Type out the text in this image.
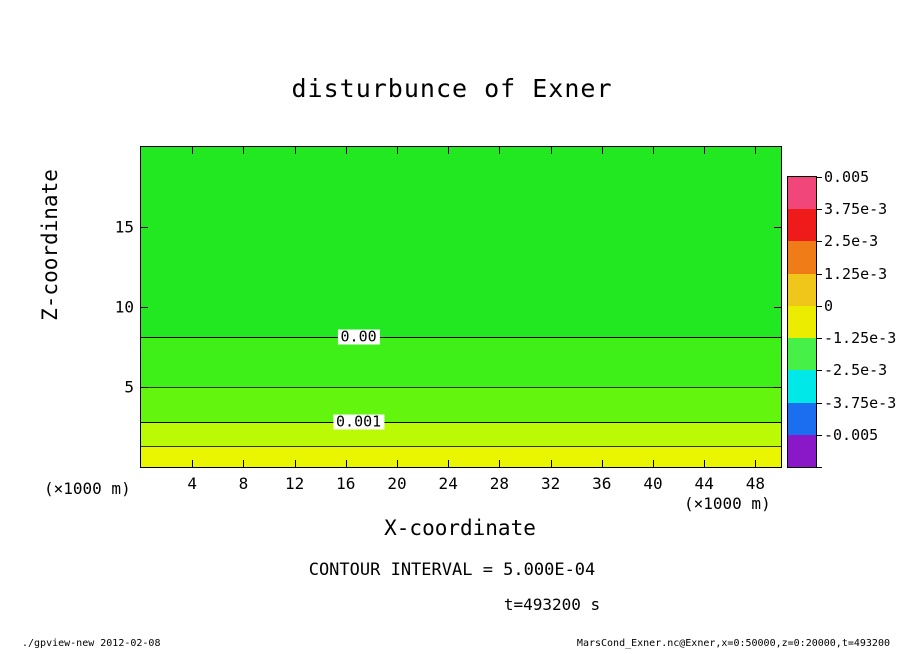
disturbunce of Exner
0.00
0.001
5
10
15
4	8 12 16 20 24 28 32 36 40 44 48
Z-coordinate
X-coordinate
(×1000 m)
(×1000 m)
0.005
3.75e-3
2.5e-3
1.25e-3
0
-1.25e-3
-2.5e-3
-3.75e-3
-0.005
CONTOUR INTERVAL = 5.000E-04
t=493200 s
./gpview-new 2012-02-08	MarsCond_Exner.nc@Exner,x=0:50000,z=0:20000,t=493200
